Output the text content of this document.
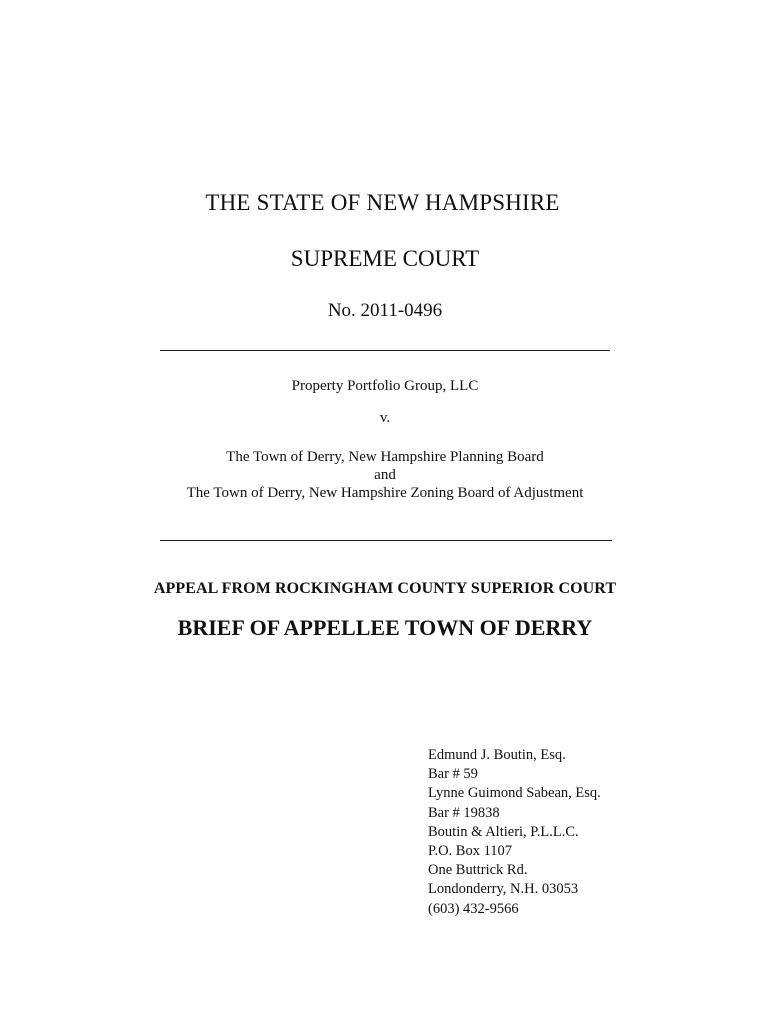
THE STATE OF NEW HAMPSHIRE
SUPREME COURT
No. 2011-0496
Property Portfolio Group, LLC
v.
The Town of Derry, New Hampshire Planning Board
and
The Town of Derry, New Hampshire Zoning Board of Adjustment
APPEAL FROM ROCKINGHAM COUNTY SUPERIOR COURT
BRIEF OF APPELLEE TOWN OF DERRY
Edmund J. Boutin, Esq.
Bar # 59
Lynne Guimond Sabean, Esq.
Bar # 19838
Boutin & Altieri, P.L.L.C.
P.O. Box 1107
One Buttrick Rd.
Londonderry, N.H. 03053
(603) 432-9566
